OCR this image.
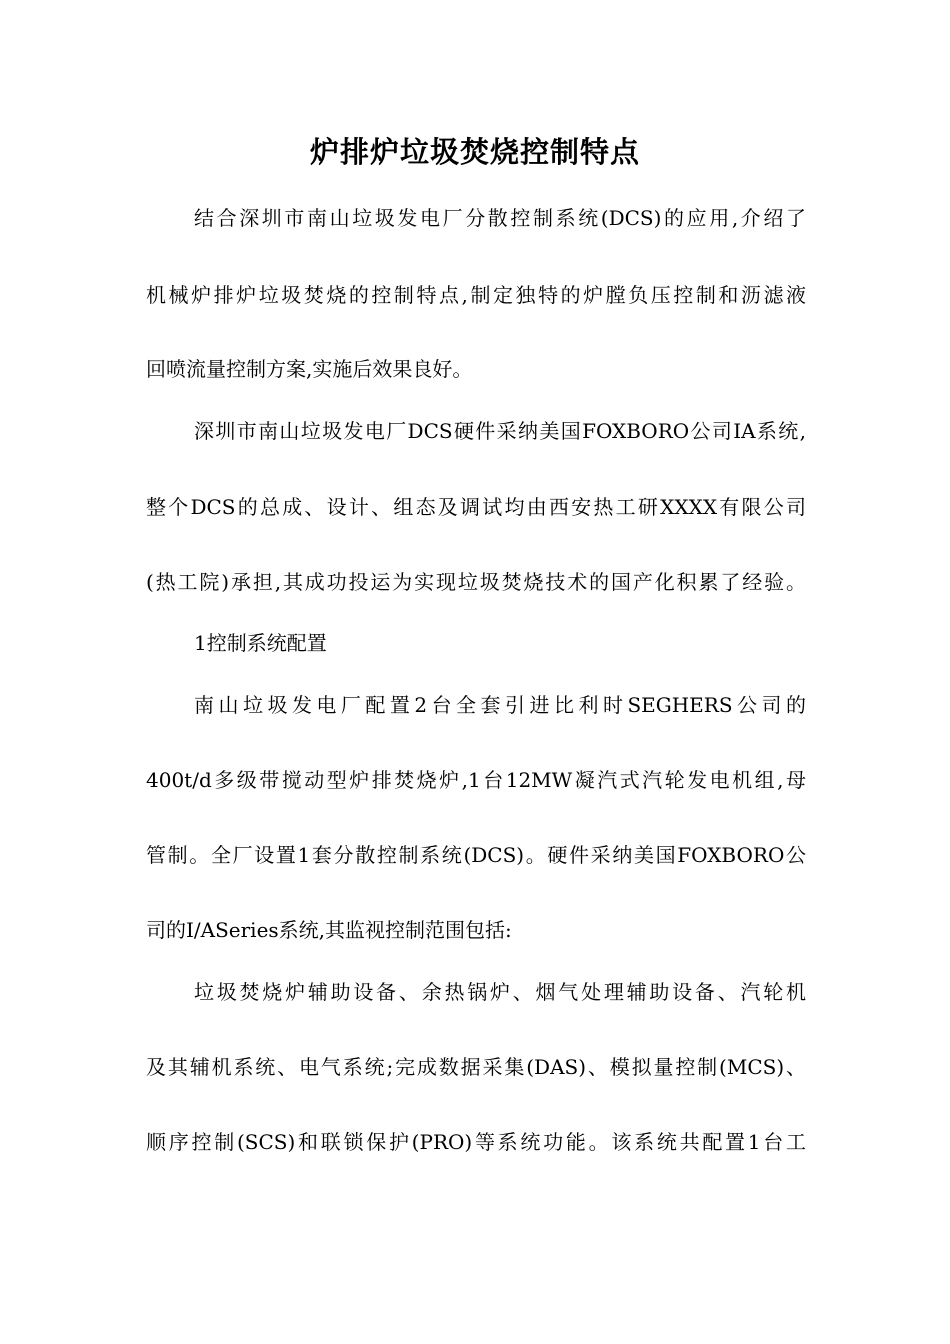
炉排炉垃圾焚烧控制特点

结合深圳市南山垃圾发电厂分散控制系统(DCS)的应用,介绍了

机械炉排炉垃圾焚烧的控制特点,制定独特的炉膛负压控制和沥滤液

回喷流量控制方案,实施后效果良好。

深圳市南山垃圾发电厂DCS硬件采纳美国FOXBORO公司IA系统,

整个DCS的总成、设计、组态及调试均由西安热工研XXXX有限公司

(热工院)承担,其成功投运为实现垃圾焚烧技术的国产化积累了经验。

1控制系统配置

南山垃圾发电厂配置2台全套引进比利时SEGHERS公司的

400t/d多级带搅动型炉排焚烧炉,1台12MW凝汽式汽轮发电机组,母

管制。全厂设置1套分散控制系统(DCS)。硬件采纳美国FOXBORO公

司的I/ASeries系统,其监视控制范围包括:

垃圾焚烧炉辅助设备、余热锅炉、烟气处理辅助设备、汽轮机

及其辅机系统、电气系统;完成数据采集(DAS)、模拟量控制(MCS)、

顺序控制(SCS)和联锁保护(PRO)等系统功能。该系统共配置1台工
